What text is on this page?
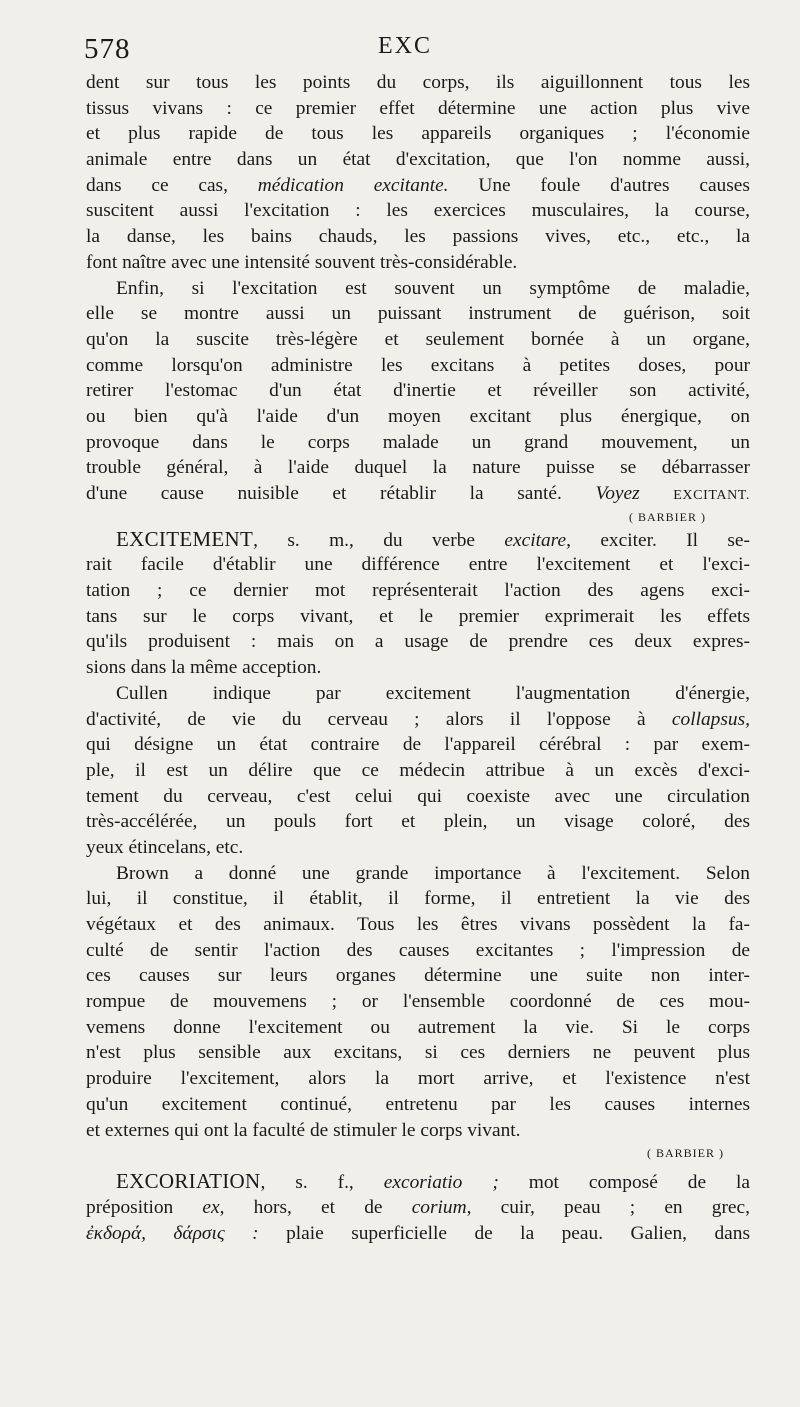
578	EXC
dent sur tous les points du corps, ils aiguillonnent tous les
tissus vivans : ce premier effet détermine une action plus vive
et plus rapide de tous les appareils organiques ; l'économie
animale entre dans un état d'excitation, que l'on nomme aussi,
dans ce cas, médication excitante. Une foule d'autres causes
suscitent aussi l'excitation : les exercices musculaires, la course,
la danse, les bains chauds, les passions vives, etc., etc., la
font naître avec une intensité souvent très-considérable.
Enfin, si l'excitation est souvent un symptôme de maladie,
elle se montre aussi un puissant instrument de guérison, soit
qu'on la suscite très-légère et seulement bornée à un organe,
comme lorsqu'on administre les excitans à petites doses, pour
retirer l'estomac d'un état d'inertie et réveiller son activité,
ou bien qu'à l'aide d'un moyen excitant plus énergique, on
provoque dans le corps malade un grand mouvement, un
trouble général, à l'aide duquel la nature puisse se débarrasser
d'une cause nuisible et rétablir la santé. Voyez EXCITANT.
( BARBIER )
EXCITEMENT, s. m., du verbe excitare, exciter. Il se-
rait facile d'établir une différence entre l'excitement et l'exci-
tation ; ce dernier mot représenterait l'action des agens exci-
tans sur le corps vivant, et le premier exprimerait les effets
qu'ils produisent : mais on a usage de prendre ces deux expres-
sions dans la même acception.
Cullen indique par excitement l'augmentation d'énergie,
d'activité, de vie du cerveau ; alors il l'oppose à collapsus,
qui désigne un état contraire de l'appareil cérébral : par exem-
ple, il est un délire que ce médecin attribue à un excès d'exci-
tement du cerveau, c'est celui qui coexiste avec une circulation
très-accélérée, un pouls fort et plein, un visage coloré, des
yeux étincelans, etc.
Brown a donné une grande importance à l'excitement. Selon
lui, il constitue, il établit, il forme, il entretient la vie des
végétaux et des animaux. Tous les êtres vivans possèdent la fa-
culté de sentir l'action des causes excitantes ; l'impression de
ces causes sur leurs organes détermine une suite non inter-
rompue de mouvemens ; or l'ensemble coordonné de ces mou-
vemens donne l'excitement ou autrement la vie. Si le corps
n'est plus sensible aux excitans, si ces derniers ne peuvent plus
produire l'excitement, alors la mort arrive, et l'existence n'est
qu'un excitement continué, entretenu par les causes internes
et externes qui ont la faculté de stimuler le corps vivant.
( BARBIER )
EXCORIATION, s. f., excoriatio ; mot composé de la
préposition ex, hors, et de corium, cuir, peau ; en grec,
ἐκδορά, δάρσις : plaie superficielle de la peau. Galien, dans
